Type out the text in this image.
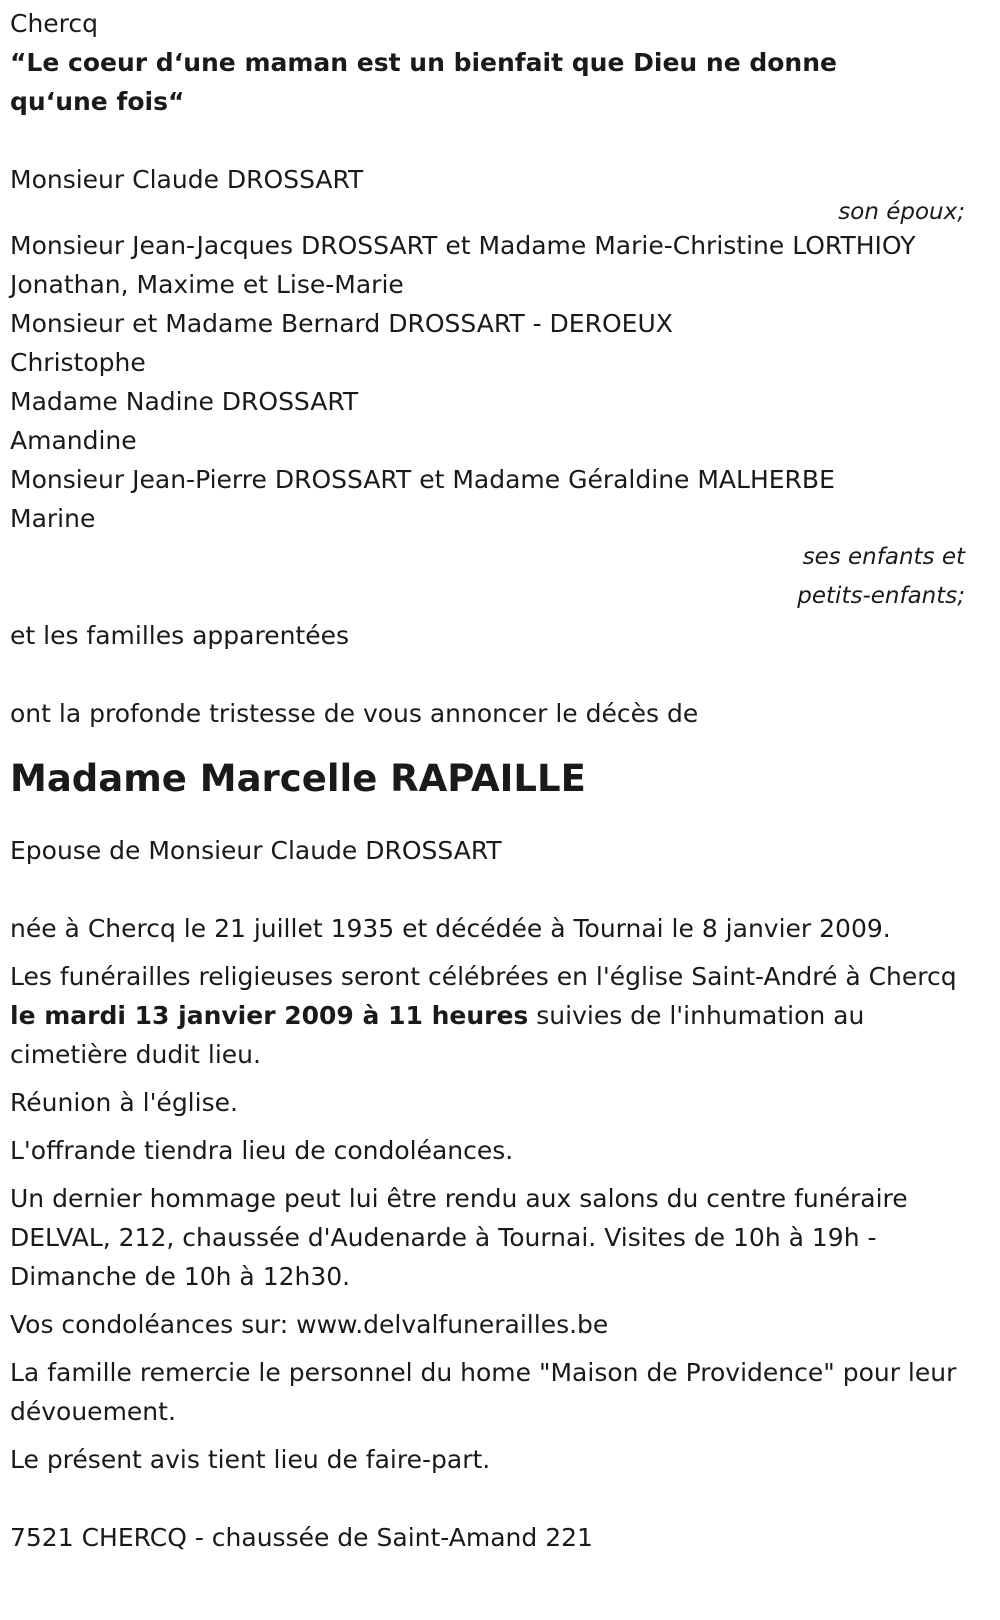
Chercq

“Le coeur d‘une maman est un bienfait que Dieu ne donne qu‘une fois“

Monsieur Claude DROSSART

son époux;

Monsieur Jean-Jacques DROSSART et Madame Marie-Christine LORTHIOY

Jonathan, Maxime et Lise-Marie

Monsieur et Madame Bernard DROSSART - DEROEUX

Christophe

Madame Nadine DROSSART

Amandine

Monsieur Jean-Pierre DROSSART et Madame Géraldine MALHERBE

Marine

ses enfants et

petits-enfants;

et les familles apparentées

ont la profonde tristesse de vous annoncer le décès de

Madame Marcelle RAPAILLE

Epouse de Monsieur Claude DROSSART

née à Chercq le 21 juillet 1935 et décédée à Tournai le 8 janvier 2009.

Les funérailles religieuses seront célébrées en l'église Saint-André à Chercq le mardi 13 janvier 2009 à 11 heures suivies de l'inhumation au cimetière dudit lieu.

Réunion à l'église.

L'offrande tiendra lieu de condoléances.

Un dernier hommage peut lui être rendu aux salons du centre funéraire DELVAL, 212, chaussée d'Audenarde à Tournai. Visites de 10h à 19h - Dimanche de 10h à 12h30.

Vos condoléances sur: www.delvalfunerailles.be

La famille remercie le personnel du home "Maison de Providence" pour leur dévouement.

Le présent avis tient lieu de faire-part.

7521 CHERCQ - chaussée de Saint-Amand 221
